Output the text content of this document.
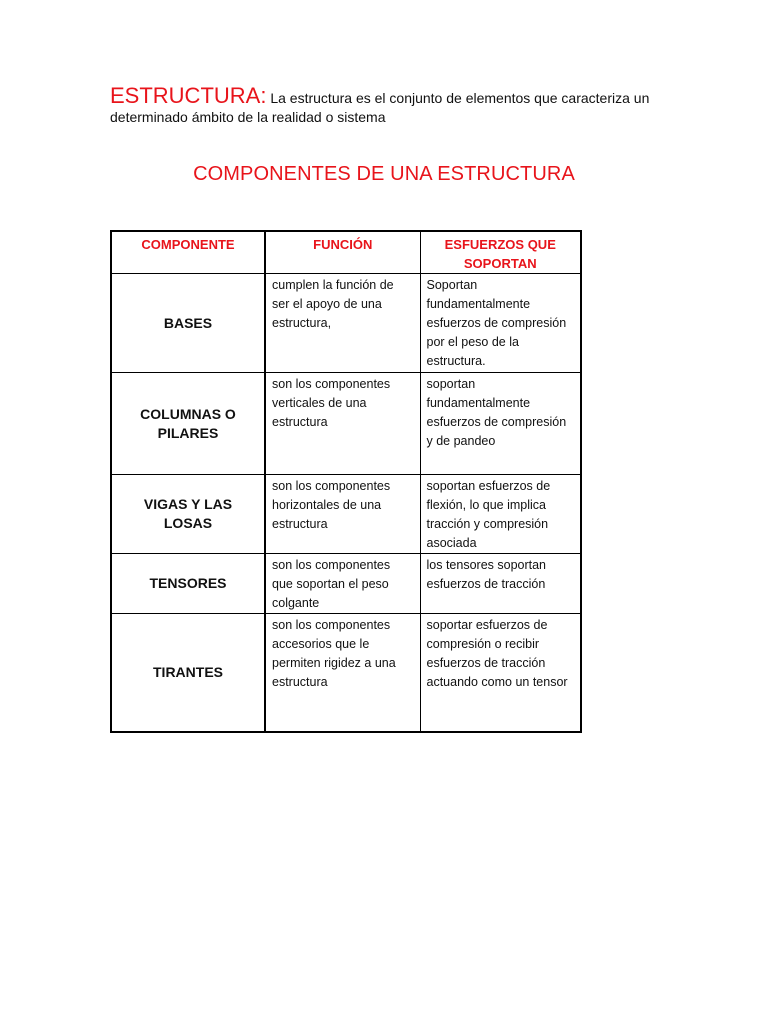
ESTRUCTURA: La estructura es el conjunto de elementos que caracteriza un determinado ámbito de la realidad o sistema
COMPONENTES DE UNA ESTRUCTURA
COMPONENTE	FUNCIÓN	ESFUERZOS QUE SOPORTAN
BASES	cumplen la función de ser el apoyo de una estructura,	Soportan fundamentalmente esfuerzos de compresión por el peso de la estructura.
COLUMNAS O PILARES	son los componentes verticales de una estructura	soportan fundamentalmente esfuerzos de compresión y de pandeo
VIGAS Y LAS LOSAS	son los componentes horizontales de una estructura	soportan esfuerzos de flexión, lo que implica tracción y compresión asociada
TENSORES	son los componentes que soportan el peso colgante	los tensores soportan esfuerzos de tracción
TIRANTES	son los componentes accesorios que le permiten rigidez a una estructura	soportar esfuerzos de compresión o recibir esfuerzos de tracción actuando como un tensor
